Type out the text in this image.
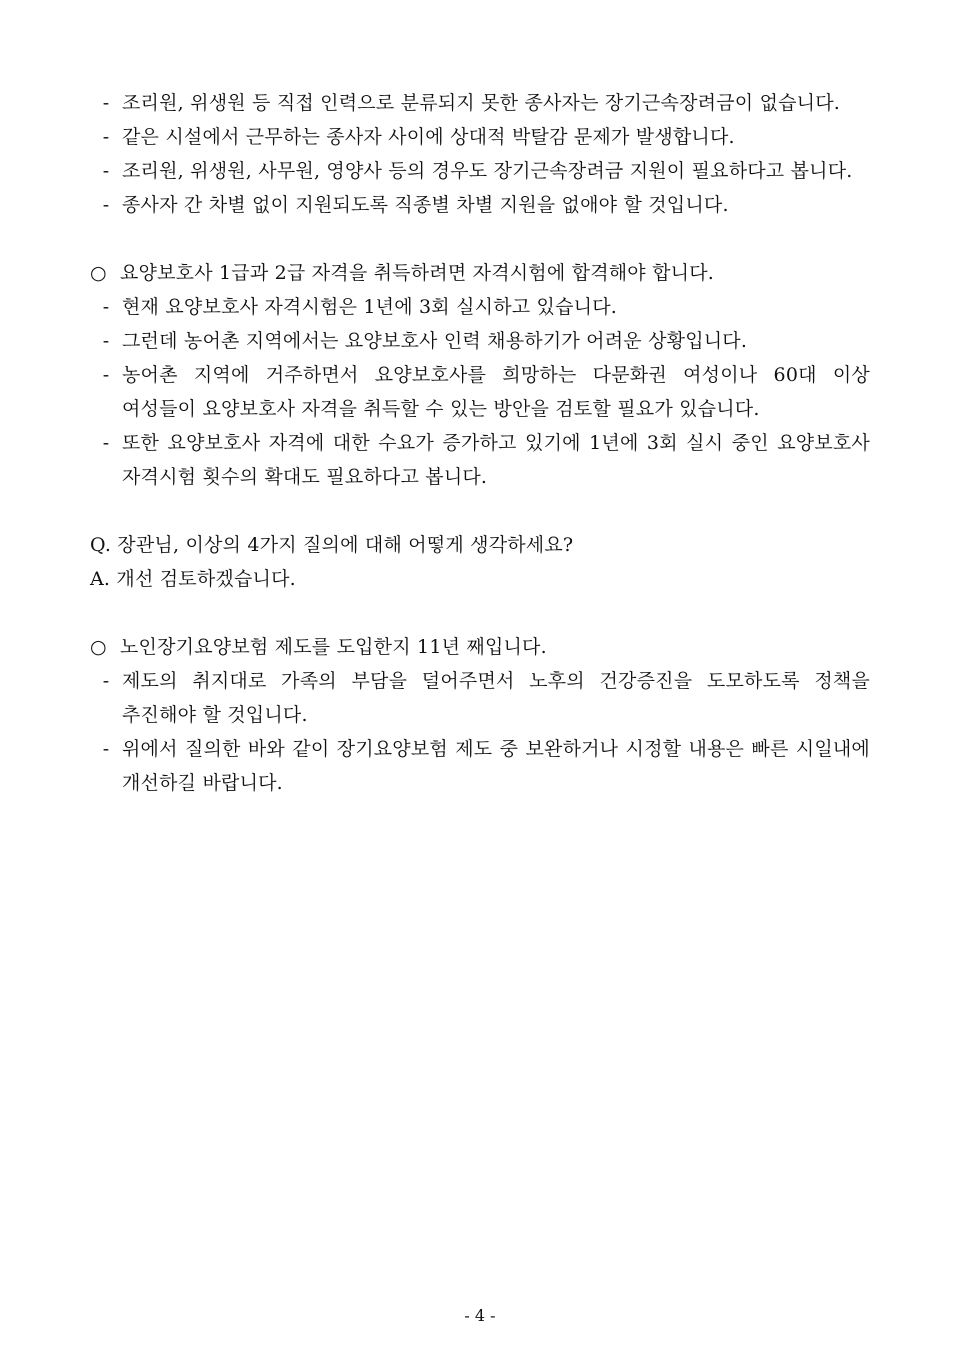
- 조리원, 위생원 등 직접 인력으로 분류되지 못한 종사자는 장기근속장려금이 없습니다.
- 같은 시설에서 근무하는 종사자 사이에 상대적 박탈감 문제가 발생합니다.
- 조리원, 위생원, 사무원, 영양사 등의 경우도 장기근속장려금 지원이 필요하다고 봅니다.
- 종사자 간 차별 없이 지원되도록 직종별 차별 지원을 없애야 할 것입니다.
○ 요양보호사 1급과 2급 자격을 취득하려면 자격시험에 합격해야 합니다.
- 현재 요양보호사 자격시험은 1년에 3회 실시하고 있습니다.
- 그런데 농어촌 지역에서는 요양보호사 인력 채용하기가 어려운 상황입니다.
- 농어촌 지역에 거주하면서 요양보호사를 희망하는 다문화권 여성이나 60대 이상 여성들이 요양보호사 자격을 취득할 수 있는 방안을 검토할 필요가 있습니다.
- 또한 요양보호사 자격에 대한 수요가 증가하고 있기에 1년에 3회 실시 중인 요양보호사 자격시험 횟수의 확대도 필요하다고 봅니다.
Q. 장관님, 이상의 4가지 질의에 대해 어떻게 생각하세요?
A. 개선 검토하겠습니다.
○ 노인장기요양보험 제도를 도입한지 11년 째입니다.
- 제도의 취지대로 가족의 부담을 덜어주면서 노후의 건강증진을 도모하도록 정책을 추진해야 할 것입니다.
- 위에서 질의한 바와 같이 장기요양보험 제도 중 보완하거나 시정할 내용은 빠른 시일내에 개선하길 바랍니다.
- 4 -
